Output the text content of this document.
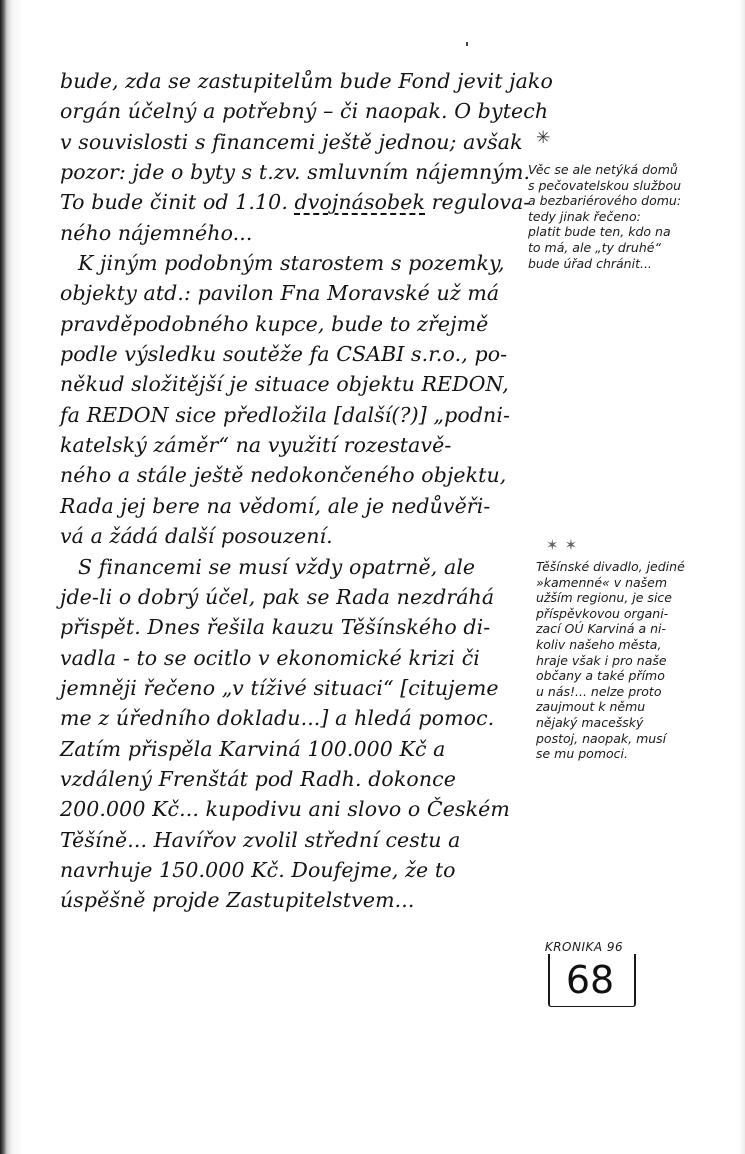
bude, zda se zastupitelům bude Fond jevit jako
orgán účelný a potřebný – či naopak. O bytech
v souvislosti s financemi ještě jednou; avšak
pozor: jde o byty s t.zv. smluvním nájemným.
To bude činit od 1.10. dvojnásobek regulova-
ného nájemného...
K jiným podobným starostem s pozemky,
objekty atd.: pavilon Fna Moravské už má
pravděpodobného kupce, bude to zřejmě
podle výsledku soutěže fa CSABI s.r.o., po-
někud složitější je situace objektu REDON,
fa REDON sice předložila [další(?)] „podni-
katelský záměr“ na využití rozestavě-
ného a stále ještě nedokončeného objektu,
Rada jej bere na vědomí, ale je nedůvěři-
vá a žádá další posouzení.
S financemi se musí vždy opatrně, ale
jde-li o dobrý účel, pak se Rada nezdráhá
přispět. Dnes řešila kauzu Těšínského di-
vadla - to se ocitlo v ekonomické krizi či
jemněji řečeno „v tíživé situaci“ [citujeme
me z úředního dokladu...] a hledá pomoc.
Zatím přispěla Karviná 100.000 Kč a
vzdálený Frenštát pod Radh. dokonce
200.000 Kč... kupodivu ani slovo o Českém
Těšíně... Havířov zvolil střední cestu a
navrhuje 150.000 Kč. Doufejme, že to
úspěšně projde Zastupitelstvem...
✳
Věc se ale netýká domů
s pečovatelskou službou
a bezbariérového domu:
tedy jinak řečeno:
platit bude ten, kdo na
to má, ale „ty druhé“
bude úřad chránit...
✶✶
Těšínské divadlo, jediné
»kamenné« v našem
užším regionu, je sice
příspěvkovou organi-
zací OÚ Karviná a ni-
koliv našeho města,
hraje však i pro naše
občany a také přímo
u nás!... nelze proto
zaujmout k němu
nějaký macešský
postoj, naopak, musí
se mu pomoci.
KRONIKA 96
68
